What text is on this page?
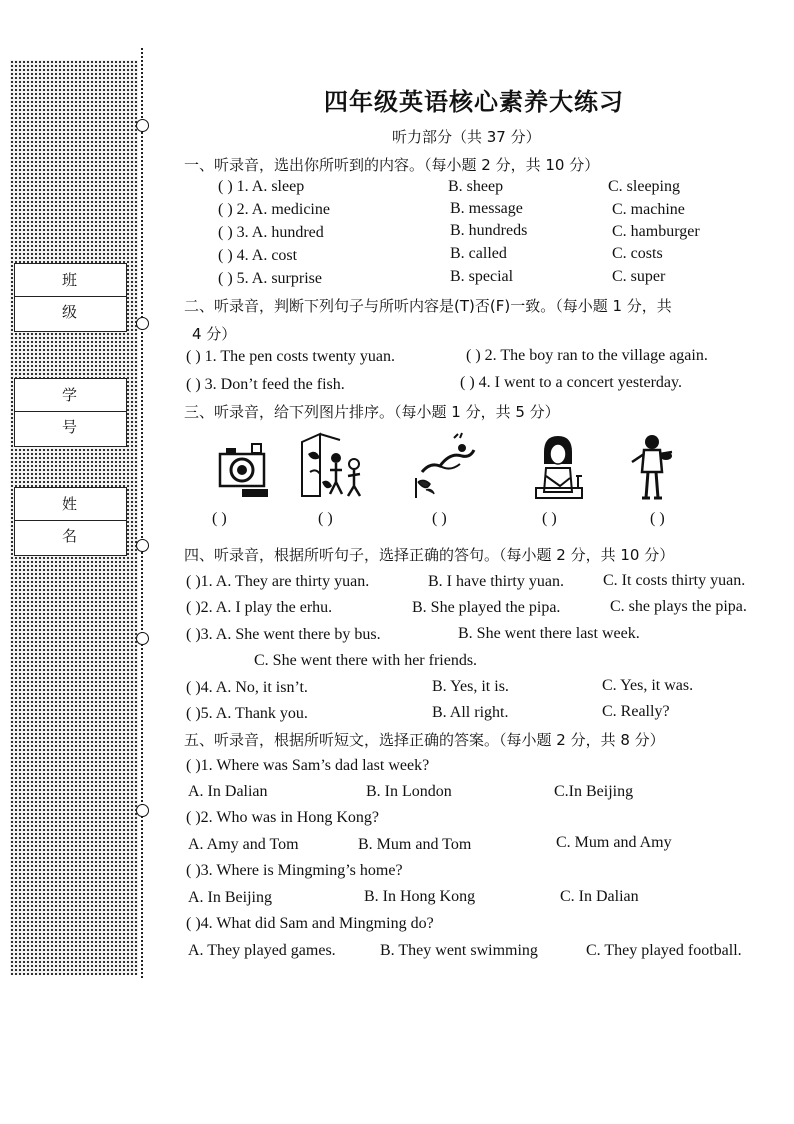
班 级
学 号
姓 名
四年级英语核心素养大练习
听力部分（共 37 分）
一、听录音，选出你所听到的内容。（每小题 2 分，共 10 分）
( ) 1. A. sleep	B. sheep	C. sleeping
( ) 2. A. medicine	B. message	C. machine
( ) 3. A. hundred	B. hundreds	C. hamburger
( ) 4. A. cost	B. called	C. costs
( ) 5. A. surprise	B. special	C. super
二、听录音，判断下列句子与所听内容是(T)否(F)一致。（每小题 1 分，共
4 分）
( ) 1. The pen costs twenty yuan.	( ) 2. The boy ran to the village again.
( ) 3. Don’t feed the fish.	( ) 4. I went to a concert yesterday.
三、听录音，给下列图片排序。（每小题 1 分，共 5 分）
( )	( )	( )	( )	( )
四、听录音，根据所听句子，选择正确的答句。（每小题 2 分，共 10 分）
( )1. A. They are thirty yuan.	B. I have thirty yuan. C. It costs thirty yuan.
( )2. A. I play the erhu.	B. She played the pipa.	C. she plays the pipa.
( )3. A. She went there by bus.	B. She went there last week.
C. She went there with her friends.
( )4. A. No, it isn’t.	B. Yes, it is.	C. Yes, it was.
( )5. A. Thank you.	B. All right.	C. Really?
五、听录音，根据所听短文，选择正确的答案。（每小题 2 分，共 8 分）
( )1. Where was Sam’s dad last week?
A. In Dalian	B. In London	C.In Beijing
( )2. Who was in Hong Kong?
A. Amy and Tom	B. Mum and Tom	C. Mum and Amy
( )3. Where is Mingming’s home?
A. In Beijing	B. In Hong Kong	C. In Dalian
( )4. What did Sam and Mingming do?
A. They played games.	B. They went swimming	C. They played football.
